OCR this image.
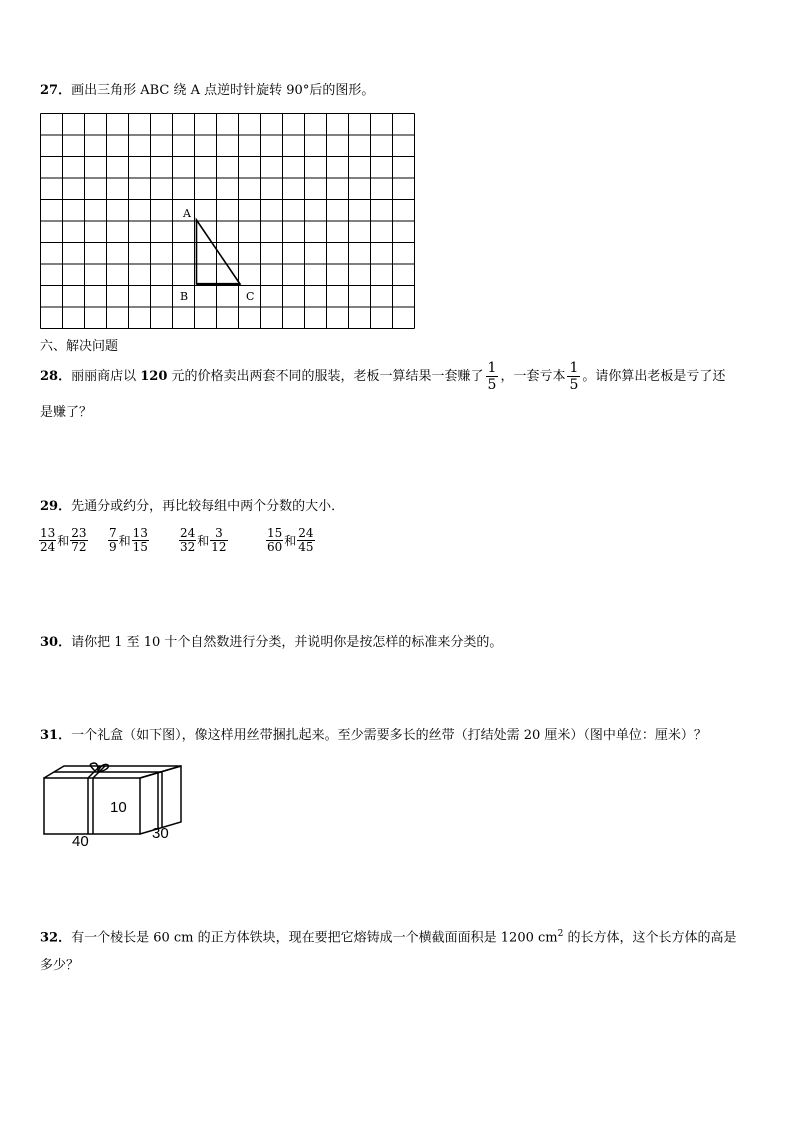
27．画出三角形 ABC 绕 A 点逆时针旋转 90°后的图形。
A
B	C
六、解决问题
28．丽丽商店以 120 元的价格卖出两套不同的服装，老板一算结果一套赚了 $\frac{1}{5}$ ，一套亏本 $\frac{1}{5}$ 。请你算出老板是亏了还
是赚了？
29．先通分或约分，再比较每组中两个分数的大小．
$\frac{13}{24}$ 和 $\frac{23}{72} \frac{7}{9}$ 和 $\frac{13}{15}$	$\frac{24}{32}$ 和 $\frac{3}{12}$	$\frac{15}{60}$ 和 $\frac{24}{45}$
30．请你把 1 至 10 十个自然数进行分类，并说明你是按怎样的标准来分类的。
31．一个礼盒（如下图），像这样用丝带捆扎起来。至少需要多长的丝带（打结处需 20 厘米）（图中单位：厘米）？
10
40	30
32．有一个棱长是 60 cm 的正方体铁块，现在要把它熔铸成一个横截面面积是 1200 $cm^2$ 的长方体，这个长方体的高是
多少？
